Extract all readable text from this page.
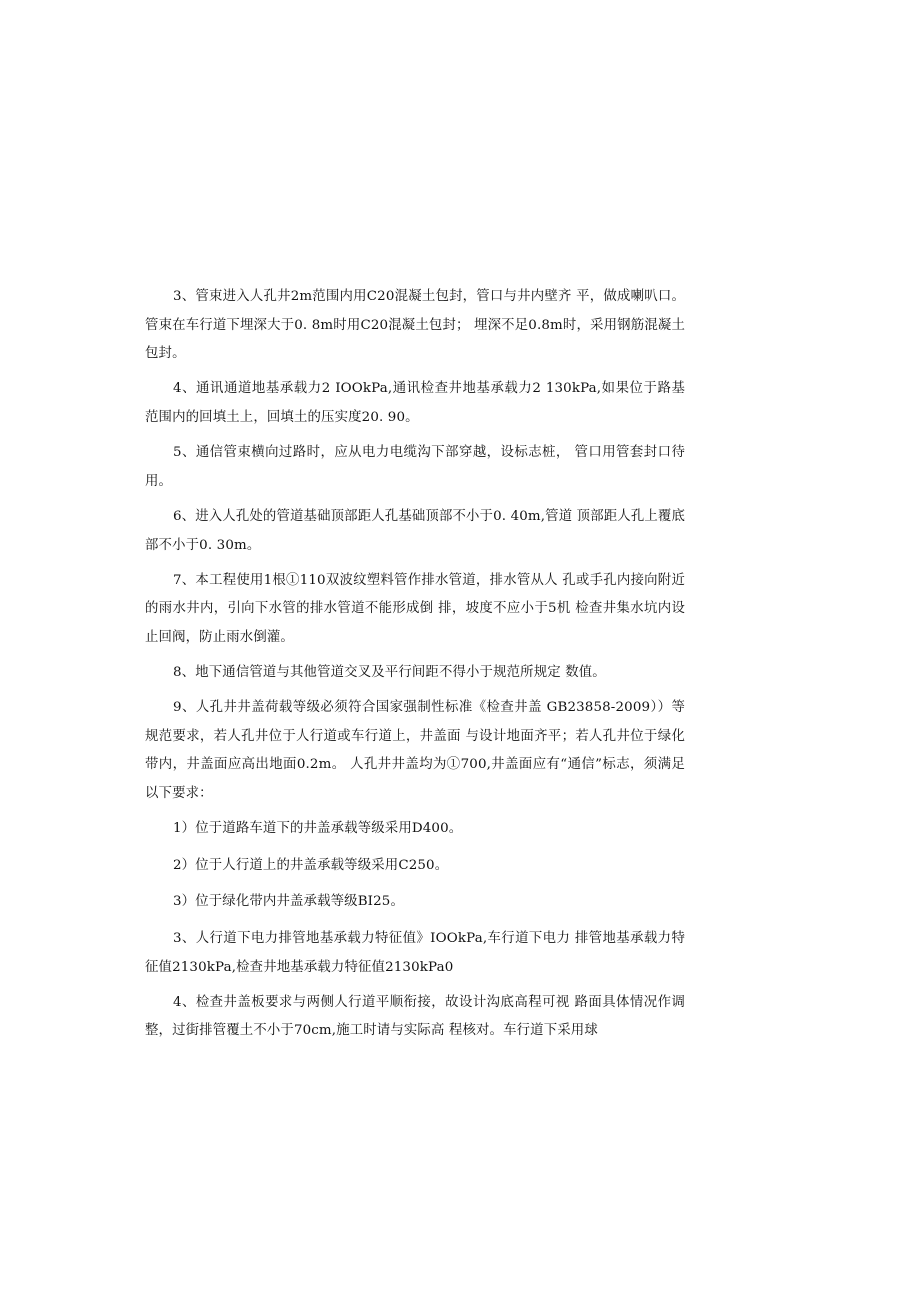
3、管束进入人孔井2m范围内用C20混凝土包封，管口与井内壁齐 平，做成喇叭口。管束在车行道下埋深大于0. 8m时用C20混凝土包封； 埋深不足0.8m时，采用钢筋混凝土包封。

4、通讯通道地基承载力2 IOOkPa,通讯检查井地基承载力2 130kPa,如果位于路基范围内的回填土上，回填土的压实度20. 90。

5、通信管束横向过路时，应从电力电缆沟下部穿越，设标志桩， 管口用管套封口待用。

6、进入人孔处的管道基础顶部距人孔基础顶部不小于0. 40m,管道 顶部距人孔上覆底部不小于0. 30m。

7、本工程使用1根①110双波纹塑料管作排水管道，排水管从人 孔或手孔内接向附近的雨水井内，引向下水管的排水管道不能形成倒 排，坡度不应小于5机 检查井集水坑内设止回阀，防止雨水倒灌。

8、地下通信管道与其他管道交叉及平行间距不得小于规范所规定 数值。

9、人孔井井盖荷载等级必须符合国家强制性标准《检查井盖 GB23858-2009））等规范要求，若人孔井位于人行道或车行道上，井盖面 与设计地面齐平；若人孔井位于绿化带内，井盖面应高出地面0.2m。 人孔井井盖均为①700,井盖面应有“通信”标志，须满足以下要求：

1）位于道路车道下的井盖承载等级采用D400。

2）位于人行道上的井盖承载等级采用C250。

3）位于绿化带内井盖承载等级BI25。

3、人行道下电力排管地基承载力特征值》IOOkPa,车行道下电力 排管地基承载力特征值2130kPa,检查井地基承载力特征值2130kPa0

4、检查井盖板要求与两侧人行道平顺衔接，故设计沟底高程可视 路面具体情况作调整，过街排管覆土不小于70cm,施工时请与实际高 程核对。车行道下采用球
